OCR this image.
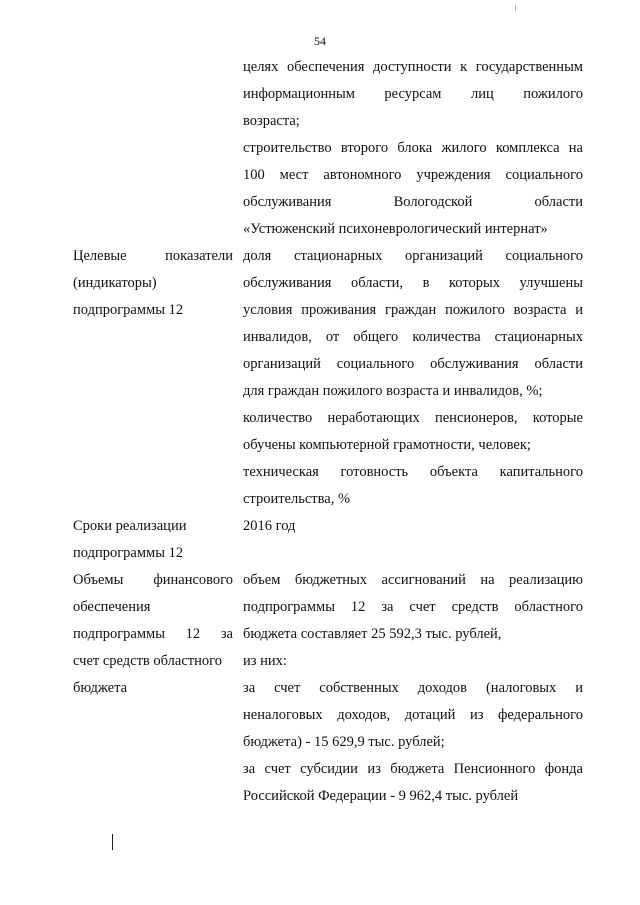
54
целях обеспечения доступности к государственным
информационным ресурсам лиц пожилого
возраста;
строительство второго блока жилого комплекса на
100 мест автономного учреждения социального
обслуживания Вологодской области
«Устюженский психоневрологический интернат»
Целевые показатели
(индикаторы)
подпрограммы 12
доля стационарных организаций социального
обслуживания области, в которых улучшены
условия проживания граждан пожилого возраста и
инвалидов, от общего количества стационарных
организаций социального обслуживания области
для граждан пожилого возраста и инвалидов, %;
количество неработающих пенсионеров, которые
обучены компьютерной грамотности, человек;
техническая готовность объекта капитального
строительства, %
Сроки реализации
подпрограммы 12
2016 год
Объемы финансового
обеспечения
подпрограммы 12 за
счет средств областного
бюджета
объем бюджетных ассигнований на реализацию
подпрограммы 12 за счет средств областного
бюджета составляет 25 592,3 тыс. рублей,
из них:
за счет собственных доходов (налоговых и
неналоговых доходов, дотаций из федерального
бюджета) - 15 629,9 тыс. рублей;
за счет субсидии из бюджета Пенсионного фонда
Российской Федерации - 9 962,4 тыс. рублей
